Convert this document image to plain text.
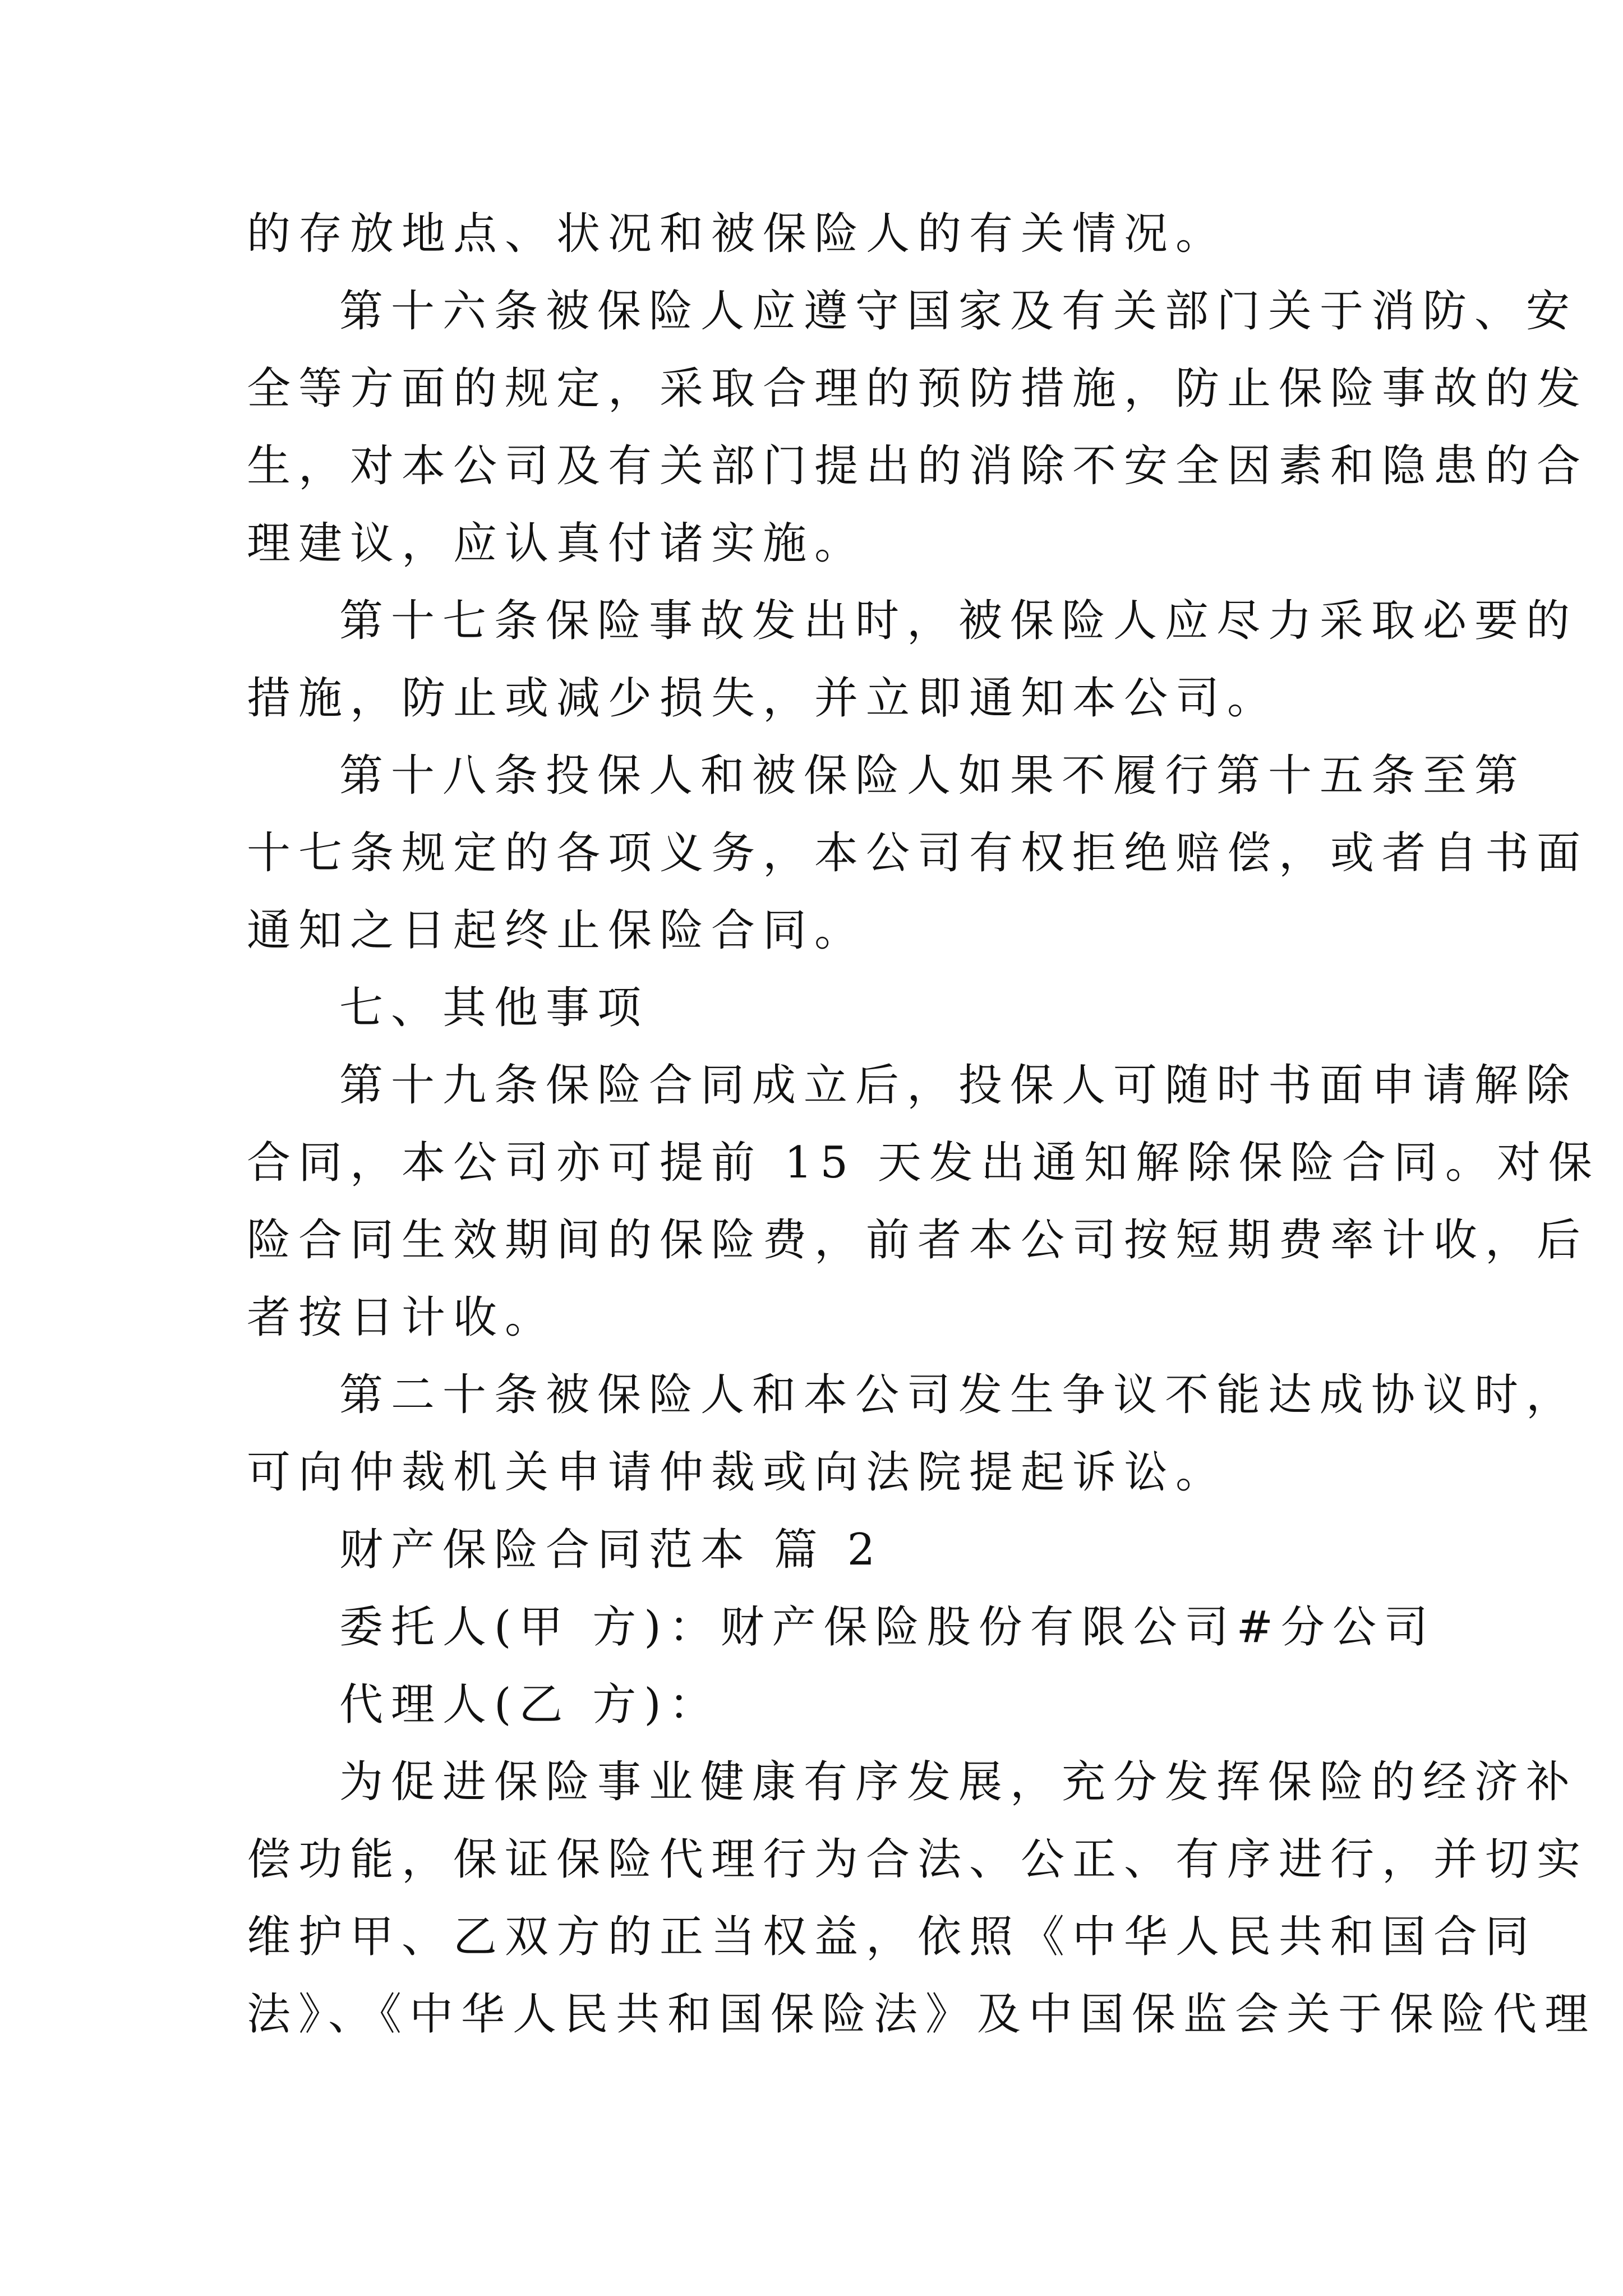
的存放地点、状况和被保险人的有关情况。
第十六条被保险人应遵守国家及有关部门关于消防、安
全等方面的规定，采取合理的预防措施，防止保险事故的发
生，对本公司及有关部门提出的消除不安全因素和隐患的合
理建议，应认真付诸实施。
第十七条保险事故发出时，被保险人应尽力采取必要的
措施，防止或减少损失，并立即通知本公司。
第十八条投保人和被保险人如果不履行第十五条至第
十七条规定的各项义务，本公司有权拒绝赔偿，或者自书面
通知之日起终止保险合同。
七、其他事项
第十九条保险合同成立后，投保人可随时书面申请解除
合同，本公司亦可提前 15 天发出通知解除保险合同。对保
险合同生效期间的保险费，前者本公司按短期费率计收，后
者按日计收。
第二十条被保险人和本公司发生争议不能达成协议时，
可向仲裁机关申请仲裁或向法院提起诉讼。
财产保险合同范本 篇 2
委托人(甲 方)：财产保险股份有限公司#分公司
代理人(乙 方)：
为促进保险事业健康有序发展，充分发挥保险的经济补
偿功能，保证保险代理行为合法、公正、有序进行，并切实
维护甲、乙双方的正当权益，依照《中华人民共和国合同
法》、《中华人民共和国保险法》及中国保监会关于保险代理
